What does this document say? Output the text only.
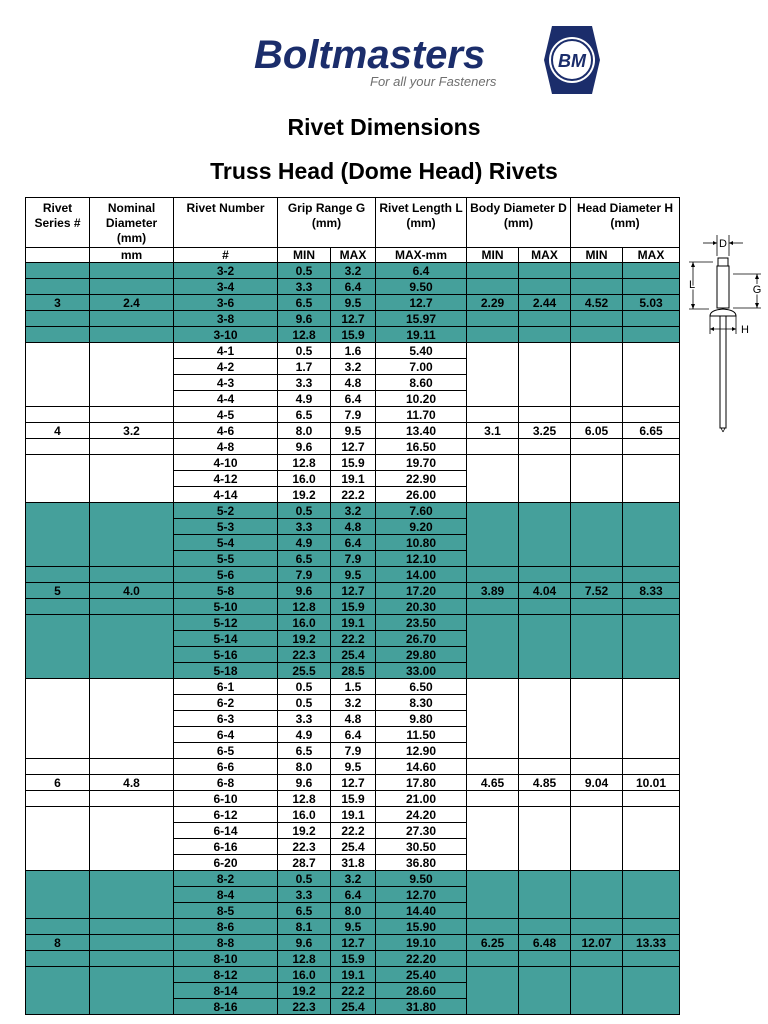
Boltmasters
For all your Fasteners
BM
Rivet Dimensions
Truss Head (Dome Head) Rivets
Rivet Series #	Nominal Diameter (mm)	Rivet Number	Grip Range G (mm)		Rivet Length L (mm)	Body Diameter D (mm)		Head Diameter H (mm)	
	mm	#	MIN	MAX	MAX-mm	MIN	MAX	MIN	MAX
		3-2	0.5	3.2	6.4				
		3-4	3.3	6.4	9.50				
3	2.4	3-6	6.5	9.5	12.7	2.29	2.44	4.52	5.03
		3-8	9.6	12.7	15.97				
		3-10	12.8	15.9	19.11				
		4-1	0.5	1.6	5.40				
		4-2	1.7	3.2	7.00				
		4-3	3.3	4.8	8.60				
		4-4	4.9	6.4	10.20				
		4-5	6.5	7.9	11.70				
4	3.2	4-6	8.0	9.5	13.40	3.1	3.25	6.05	6.65
		4-8	9.6	12.7	16.50				
		4-10	12.8	15.9	19.70				
		4-12	16.0	19.1	22.90				
		4-14	19.2	22.2	26.00				
		5-2	0.5	3.2	7.60				
		5-3	3.3	4.8	9.20				
		5-4	4.9	6.4	10.80				
		5-5	6.5	7.9	12.10				
		5-6	7.9	9.5	14.00				
5	4.0	5-8	9.6	12.7	17.20	3.89	4.04	7.52	8.33
		5-10	12.8	15.9	20.30				
		5-12	16.0	19.1	23.50				
		5-14	19.2	22.2	26.70				
		5-16	22.3	25.4	29.80				
		5-18	25.5	28.5	33.00				
		6-1	0.5	1.5	6.50				
		6-2	0.5	3.2	8.30				
		6-3	3.3	4.8	9.80				
		6-4	4.9	6.4	11.50				
		6-5	6.5	7.9	12.90				
		6-6	8.0	9.5	14.60				
6	4.8	6-8	9.6	12.7	17.80	4.65	4.85	9.04	10.01
		6-10	12.8	15.9	21.00				
		6-12	16.0	19.1	24.20				
		6-14	19.2	22.2	27.30				
		6-16	22.3	25.4	30.50				
		6-20	28.7	31.8	36.80				
		8-2	0.5	3.2	9.50				
		8-4	3.3	6.4	12.70				
		8-5	6.5	8.0	14.40				
		8-6	8.1	9.5	15.90				
8		8-8	9.6	12.7	19.10	6.25	6.48	12.07	13.33
		8-10	12.8	15.9	22.20				
		8-12	16.0	19.1	25.40				
		8-14	19.2	22.2	28.60				
		8-16	22.3	25.4	31.80				
D
L	G
H
